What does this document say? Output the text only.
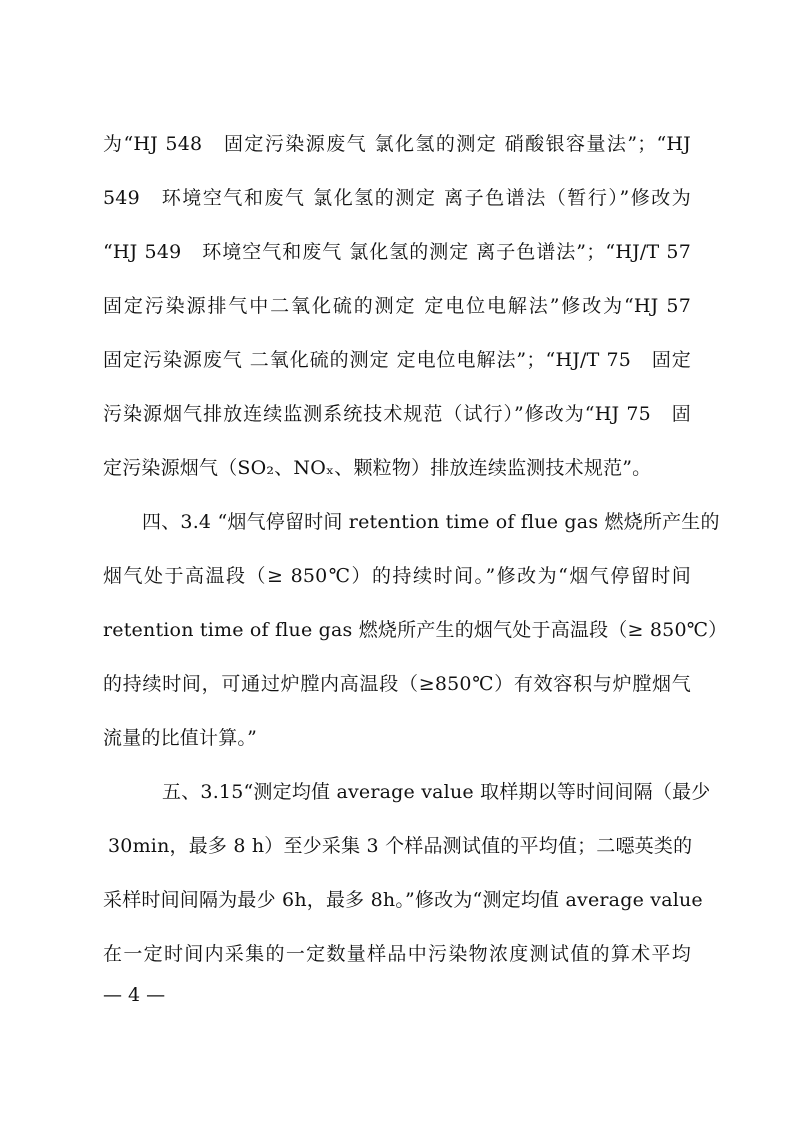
为“HJ 548　固定污染源废气 氯化氢的测定 硝酸银容量法”；“HJ
549　环境空气和废气 氯化氢的测定 离子色谱法（暂行）”修改为
“HJ 549　环境空气和废气 氯化氢的测定 离子色谱法”；“HJ/T 57
固定污染源排气中二氧化硫的测定 定电位电解法”修改为“HJ 57
固定污染源废气 二氧化硫的测定 定电位电解法”；“HJ/T 75　固定
污染源烟气排放连续监测系统技术规范（试行）”修改为“HJ 75　固
定污染源烟气（SO₂、NOₓ、颗粒物）排放连续监测技术规范”。
四、3.4 “烟气停留时间 retention time of flue gas 燃烧所产生的
烟气处于高温段（≥ 850℃）的持续时间。”修改为“烟气停留时间
retention time of flue gas 燃烧所产生的烟气处于高温段（≥ 850℃）
的持续时间，可通过炉膛内高温段（≥850℃）有效容积与炉膛烟气
流量的比值计算。”
五、3.15“测定均值 average value 取样期以等时间间隔（最少
30min，最多 8 h）至少采集 3 个样品测试值的平均值；二噁英类的
采样时间间隔为最少 6h，最多 8h。”修改为“测定均值 average value
在一定时间内采集的一定数量样品中污染物浓度测试值的算术平均
— 4 —
